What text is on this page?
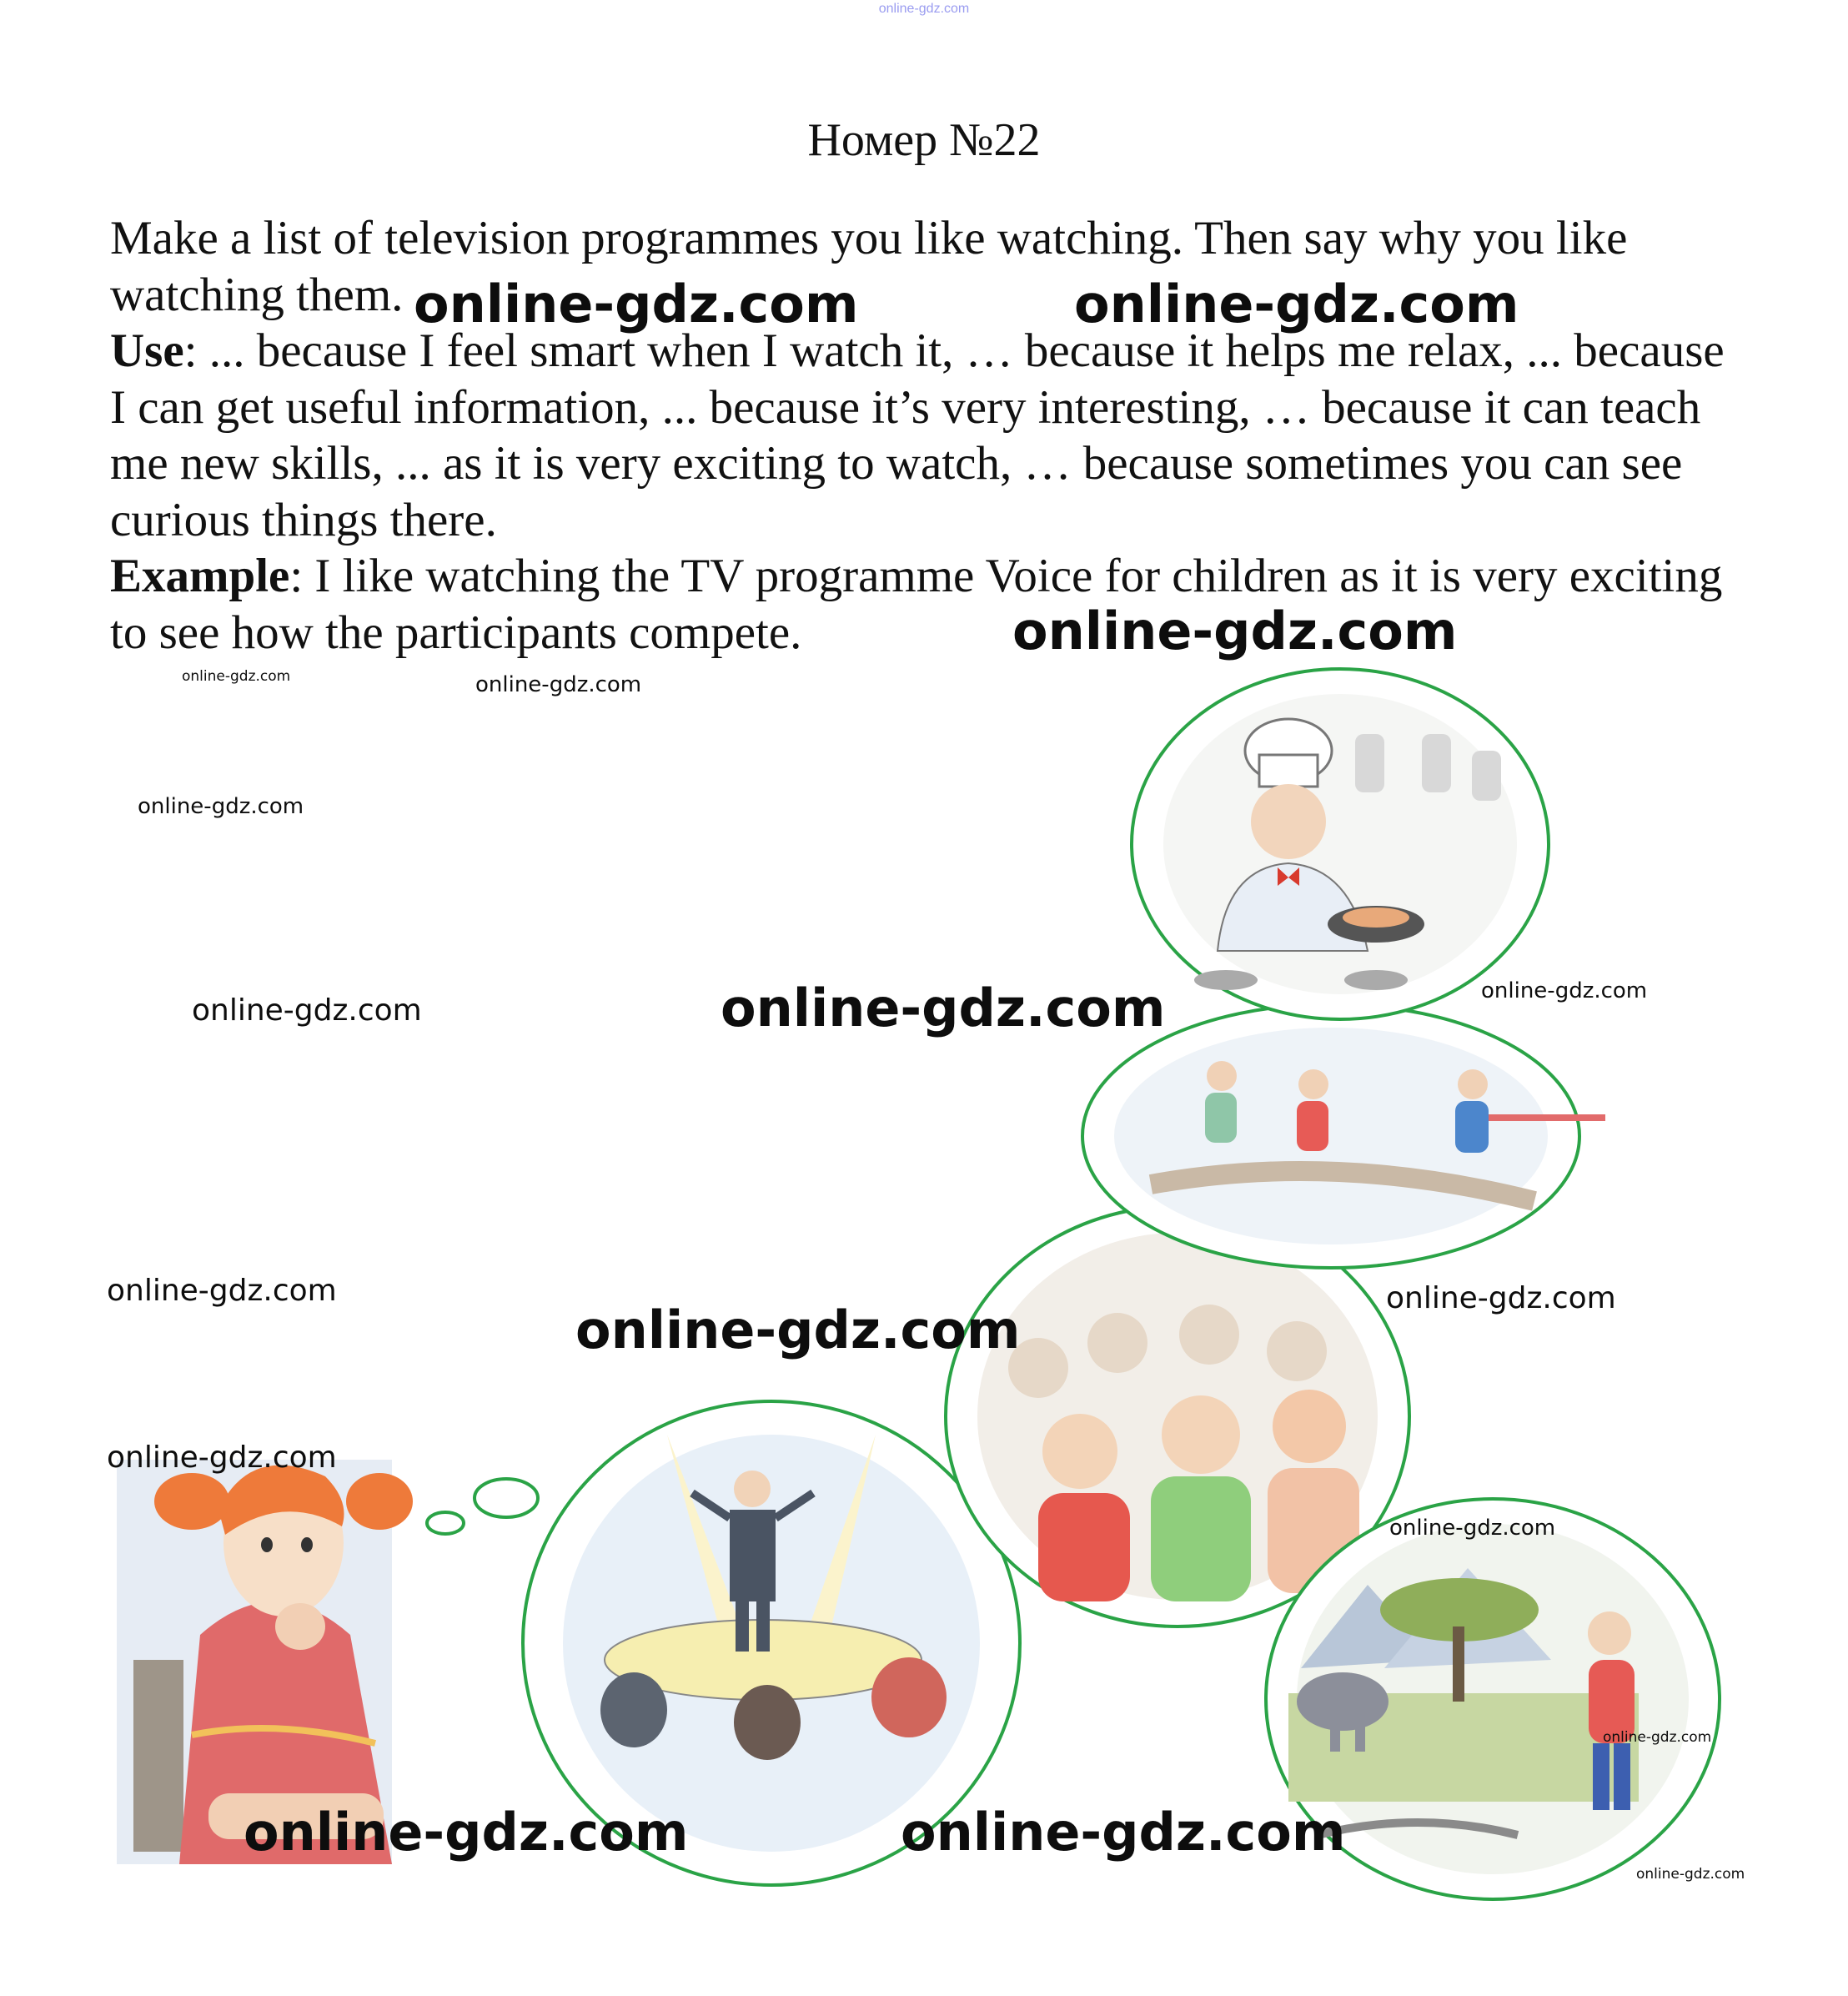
online-gdz.com
Номер №22

Make a list of television programmes you like watching. Then say why you like watching them.

Use: ... because I feel smart when I watch it, … because it helps me relax, ... because I can get useful information, ... because it’s very interesting, … because it can teach me new skills, ... as it is very exciting to watch, … because sometimes you can see curious things there.

Example: I like watching the TV programme Voice for children as it is very exciting to see how the participants compete.

online-gdz.com	online-gdz.com
online-gdz.com
online-gdz.com
online-gdz.com
online-gdz.com
online-gdz.com	online-gdz.com	online-gdz.com
online-gdz.com
online-gdz.com
online-gdz.com
online-gdz.com
online-gdz.com
online-gdz.com
online-gdz.com	online-gdz.com
online-gdz.com
